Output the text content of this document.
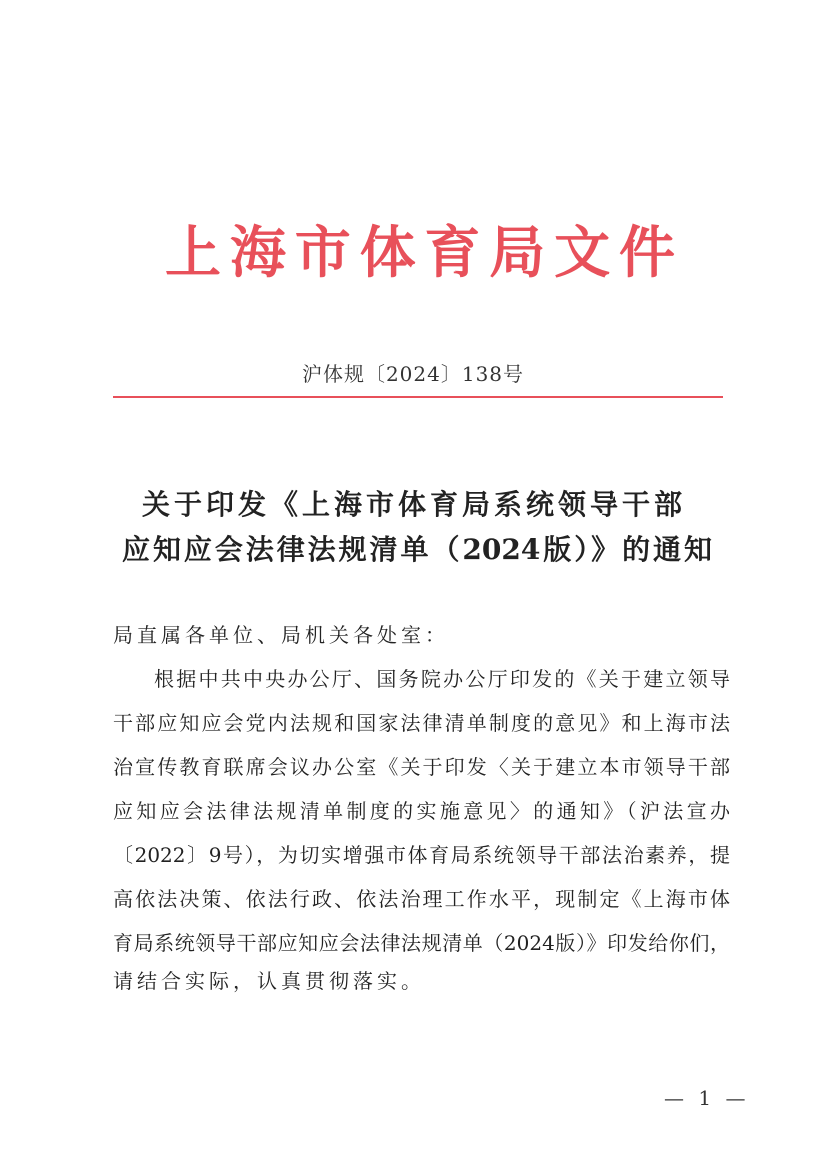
上海市体育局文件
沪体规〔2024〕138号
关于印发《上海市体育局系统领导干部
应知应会法律法规清单（2024版）》的通知
局直属各单位、局机关各处室：
根据中共中央办公厅、国务院办公厅印发的《关于建立领导
干部应知应会党内法规和国家法律清单制度的意见》和上海市法
治宣传教育联席会议办公室《关于印发〈关于建立本市领导干部
应知应会法律法规清单制度的实施意见〉的通知》（沪法宣办
〔2022〕9号），为切实增强市体育局系统领导干部法治素养，提
高依法决策、依法行政、依法治理工作水平，现制定《上海市体
育局系统领导干部应知应会法律法规清单（2024版）》印发给你们，
请结合实际，认真贯彻落实。
— 1 —
